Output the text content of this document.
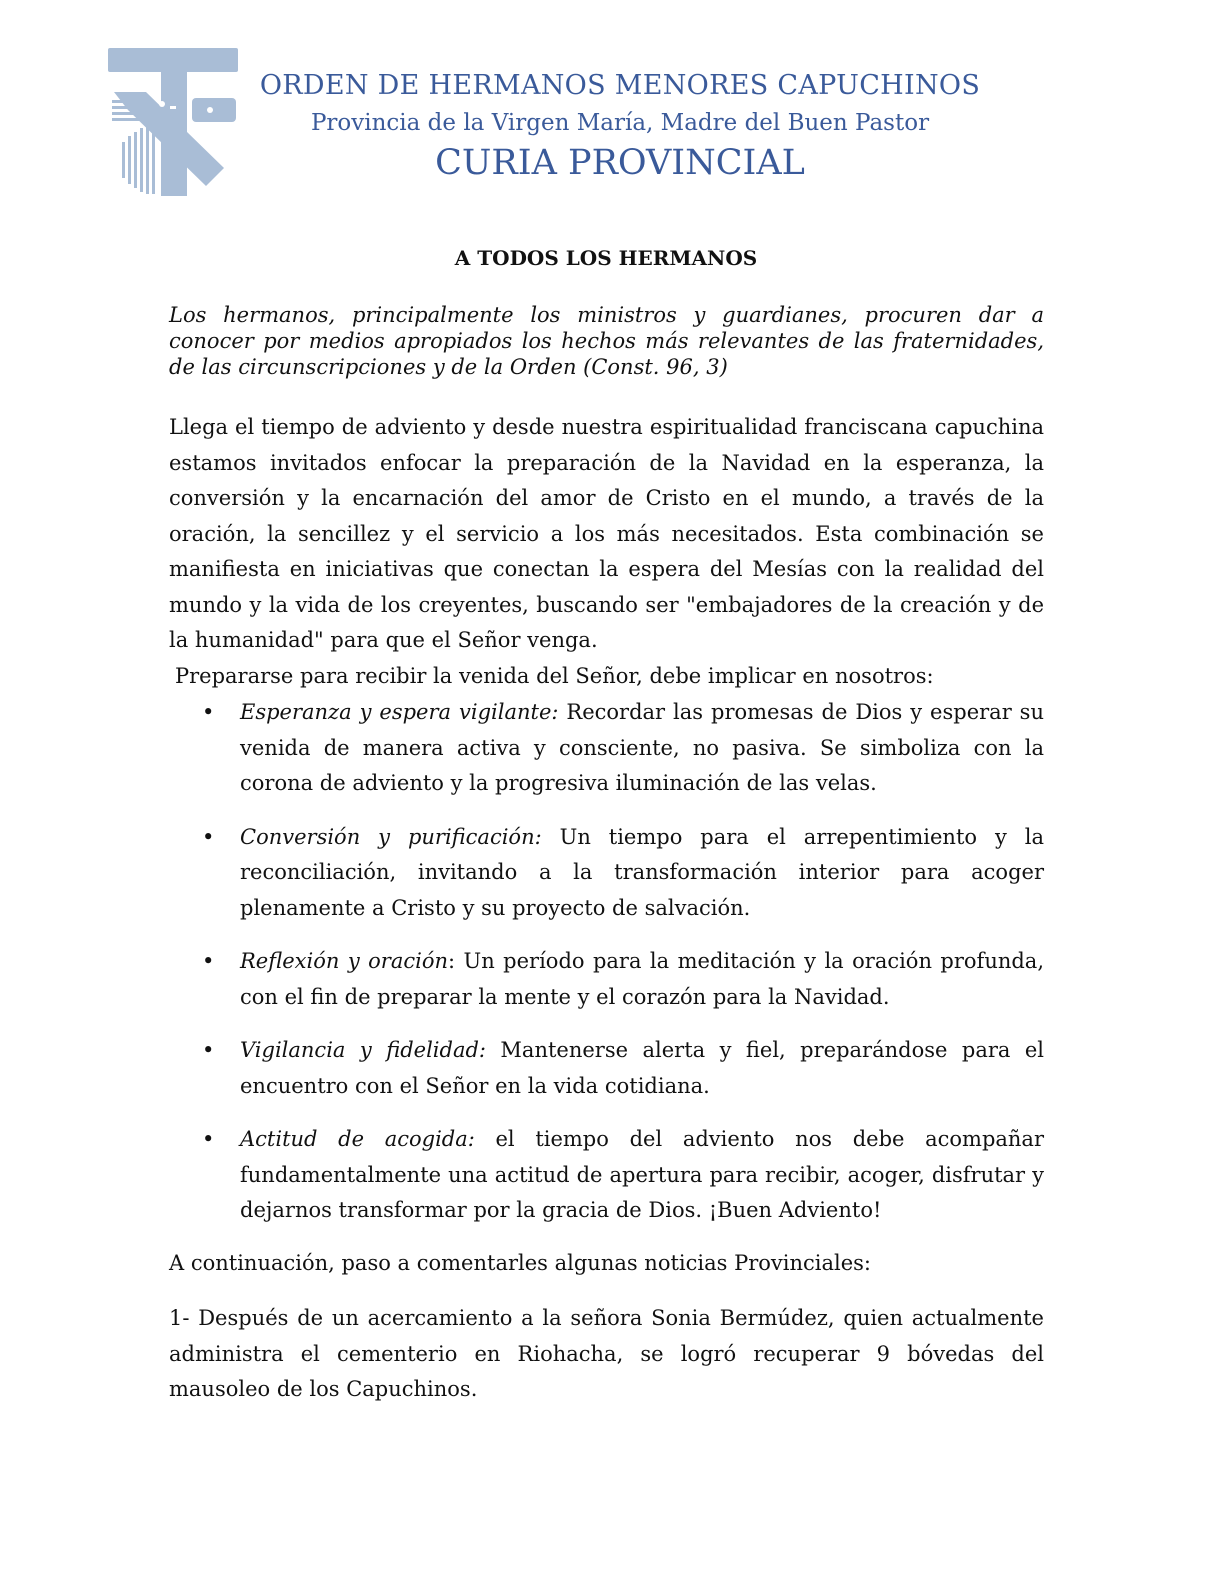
ORDEN DE HERMANOS MENORES CAPUCHINOS
Provincia de la Virgen María, Madre del Buen Pastor
CURIA PROVINCIAL
A TODOS LOS HERMANOS
Los hermanos, principalmente los ministros y guardianes, procuren dar a conocer por medios apropiados los hechos más relevantes de las fraternidades, de las circunscripciones y de la Orden (Const. 96, 3)
Llega el tiempo de adviento y desde nuestra espiritualidad franciscana capuchina estamos invitados enfocar la preparación de la Navidad en la esperanza, la conversión y la encarnación del amor de Cristo en el mundo, a través de la oración, la sencillez y el servicio a los más necesitados. Esta combinación se manifiesta en iniciativas que conectan la espera del Mesías con la realidad del mundo y la vida de los creyentes, buscando ser "embajadores de la creación y de la humanidad" para que el Señor venga.
Prepararse para recibir la venida del Señor, debe implicar en nosotros:
• Esperanza y espera vigilante: Recordar las promesas de Dios y esperar su venida de manera activa y consciente, no pasiva. Se simboliza con la corona de adviento y la progresiva iluminación de las velas.
• Conversión y purificación: Un tiempo para el arrepentimiento y la reconciliación, invitando a la transformación interior para acoger plenamente a Cristo y su proyecto de salvación.
• Reflexión y oración: Un período para la meditación y la oración profunda, con el fin de preparar la mente y el corazón para la Navidad.
• Vigilancia y fidelidad: Mantenerse alerta y fiel, preparándose para el encuentro con el Señor en la vida cotidiana.
• Actitud de acogida: el tiempo del adviento nos debe acompañar fundamentalmente una actitud de apertura para recibir, acoger, disfrutar y dejarnos transformar por la gracia de Dios. ¡Buen Adviento!
A continuación, paso a comentarles algunas noticias Provinciales:
1- Después de un acercamiento a la señora Sonia Bermúdez, quien actualmente administra el cementerio en Riohacha, se logró recuperar 9 bóvedas del mausoleo de los Capuchinos.
